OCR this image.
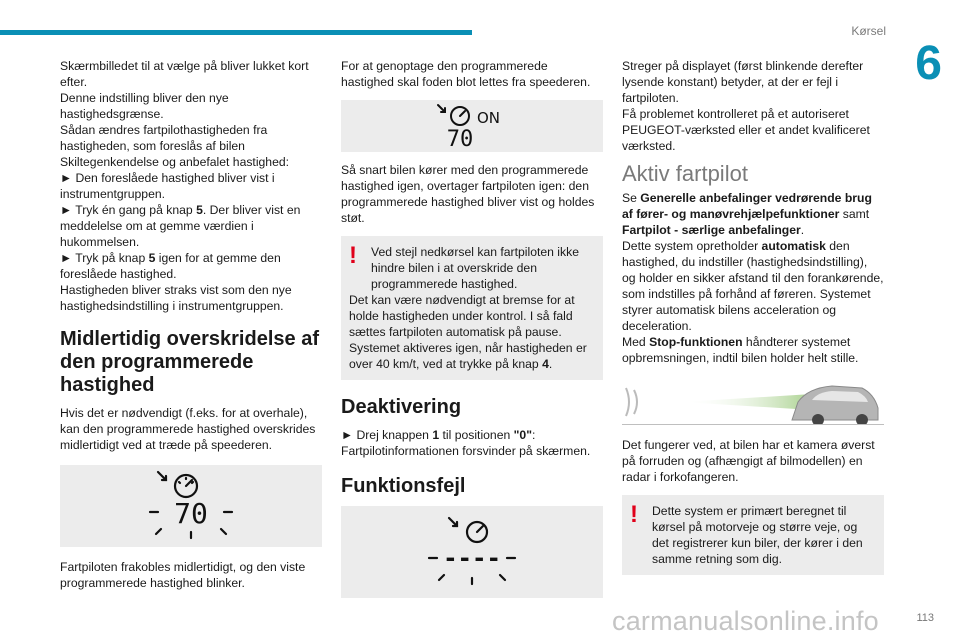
Kørsel
6

Skærmbilledet til at vælge på bliver lukket kort efter.
Denne indstilling bliver den nye hastighedsgrænse.
Sådan ændres fartpilothastigheden fra hastigheden, som foreslås af bilen Skiltegenkendelse og anbefalet hastighed:
► Den foreslåede hastighed bliver vist i instrumentgruppen.
► Tryk én gang på knap 5. Der bliver vist en meddelelse om at gemme værdien i hukommelsen.
► Tryk på knap 5 igen for at gemme den foreslåede hastighed.
Hastigheden bliver straks vist som den nye hastighedsindstilling i instrumentgruppen.

Midlertidig overskridelse af den programmerede hastighed

Hvis det er nødvendigt (f.eks. for at overhale), kan den programmerede hastighed overskrides midlertidigt ved at træde på speederen.

70

Fartpiloten frakobles midlertidigt, og den viste programmerede hastighed blinker.

For at genoptage den programmerede hastighed skal foden blot lettes fra speederen.

ON
70

Så snart bilen kører med den programmerede hastighed igen, overtager fartpiloten igen: den programmerede hastighed bliver vist og holdes støt.

!	Ved stejl nedkørsel kan fartpiloten ikke hindre bilen i at overskride den programmerede hastighed.

Det kan være nødvendigt at bremse for at holde hastigheden under kontrol. I så fald sættes fartpiloten automatisk på pause.

Systemet aktiveres igen, når hastigheden er over 40 km/t, ved at trykke på knap 4.

Deaktivering

► Drej knappen 1 til positionen "0":
Fartpilotinformationen forsvinder på skærmen.

Funktionsfejl
----

Streger på displayet (først blinkende derefter lysende konstant) betyder, at der er fejl i fartpiloten.
Få problemet kontrolleret på et autoriseret PEUGEOT-værksted eller et andet kvalificeret værksted.

Aktiv fartpilot

Se Generelle anbefalinger vedrørende brug af fører- og manøvrehjælpefunktioner samt Fartpilot - særlige anbefalinger.
Dette system opretholder automatisk den hastighed, du indstiller (hastighedsindstilling), og holder en sikker afstand til den forankørende, som indstilles på forhånd af føreren. Systemet styrer automatisk bilens acceleration og deceleration.
Med Stop-funktionen håndterer systemet opbremsningen, indtil bilen holder helt stille.

Det fungerer ved, at bilen har et kamera øverst på forruden og (afhængigt af bilmodellen) en radar i forkofangeren.

!	Dette system er primært beregnet til kørsel på motorveje og større veje, og det registrerer kun biler, der kører i den samme retning som dig.

carmanualsonline.info	113
